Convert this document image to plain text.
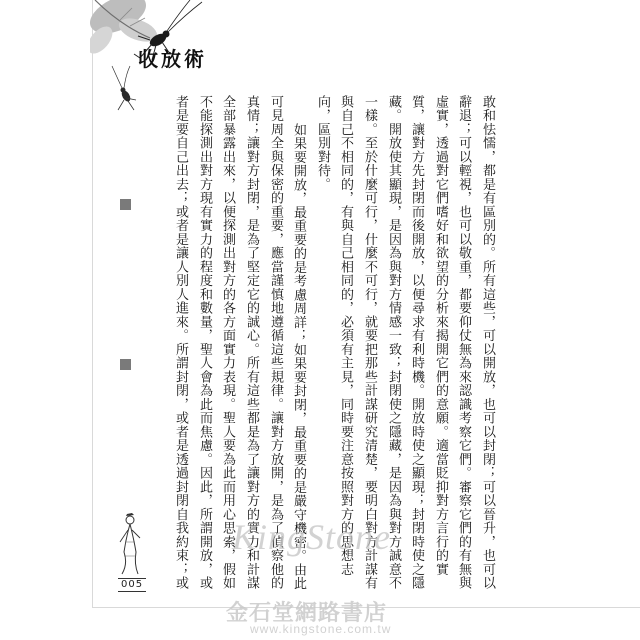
收放術
敢和怯懦，都是有區別的。所有這些，可以開放，也可以封閉；可以晉升，也可以
辭退；可以輕視，也可以敬重，都要仰仗無為來認識考察它們。審察它們的有無與
虛實，透過對它們嗜好和欲望的分析來揭開它們的意願。適當貶抑對方言行的實
質，讓對方先封閉而後開放，以便尋求有利時機。開放時使之顯現；封閉時使之隱
藏。開放使其顯現，是因為與對方情感一致；封閉使之隱藏，是因為與對方誠意不
一樣。至於什麼可行，什麼不可行，就要把那些計謀研究清楚，要明白對方計謀有
與自己不相同的，有與自己相同的，必須有主見，同時要注意按照對方的思想志
向，區別對待。
如果要開放，最重要的是考慮周詳；如果要封閉，最重要的是嚴守機密。由此
可見周全與保密的重要，應當謹慎地遵循這些規律。讓對方放開，是為了偵察他的
真情；讓對方封閉，是為了堅定它的誠心。所有這些都是為了讓對方的實力和計謀
全部暴露出來，以便探測出對方的各方面實力表現。聖人要為此而用心思索，假如
不能探測出對方現有實力的程度和數量，聖人會為此而焦慮。因此，所謂開放，或
者是要自己出去；或者是讓人別人進來。所謂封閉，或者是透過封閉自我約束；或
005
KingStone
金石堂網路書店
www.kingstone.com.tw
